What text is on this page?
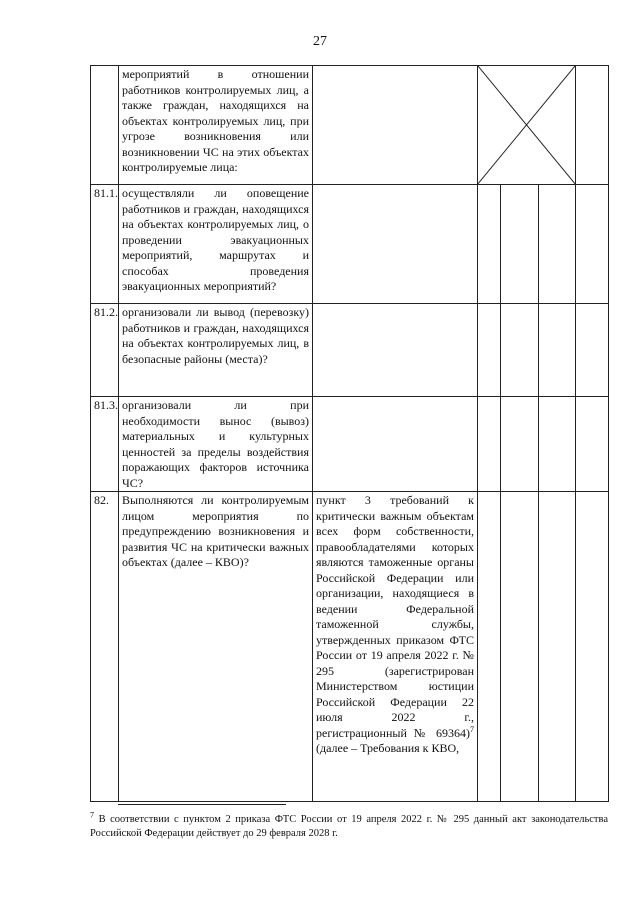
27
	мероприятий в отношении работников контролируемых лиц, а также граждан, находящихся на объектах контролируемых лиц, при угрозе возникновения или возникновении ЧС на этих объектах контролируемые лица:		

81.1.	осуществляли ли оповещение работников и граждан, находящихся на объектах контролируемых лиц, о проведении эвакуационных мероприятий, маршрутах и способах проведения эвакуационных мероприятий?					
81.2.	организовали ли вывод (перевозку) работников и граждан, находящихся на объектах контролируемых лиц, в безопасные районы (места)?					
81.3.	организовали ли при необходимости вынос (вывоз) материальных и культурных ценностей за пределы воздействия поражающих факторов источника ЧС?					
82.	Выполняются ли контролируемым лицом мероприятия по предупреждению возникновения и развития ЧС на критически важных объектах (далее – КВО)?	пункт 3 требований к критически важным объектам всех форм собственности, правообладателями которых являются таможенные органы Российской Федерации или организации, находящиеся в ведении Федеральной таможенной службы, утвержденных приказом ФТС России от 19 апреля 2022 г. № 295 (зарегистрирован Министерством юстиции Российской Федерации 22 июля 2022 г., регистрационный № 69364)$^7$ (далее – Требования к КВО,				
$^7$ В соответствии с пунктом 2 приказа ФТС России от 19 апреля 2022 г. № 295 данный акт законодательства Российской Федерации действует до 29 февраля 2028 г.
